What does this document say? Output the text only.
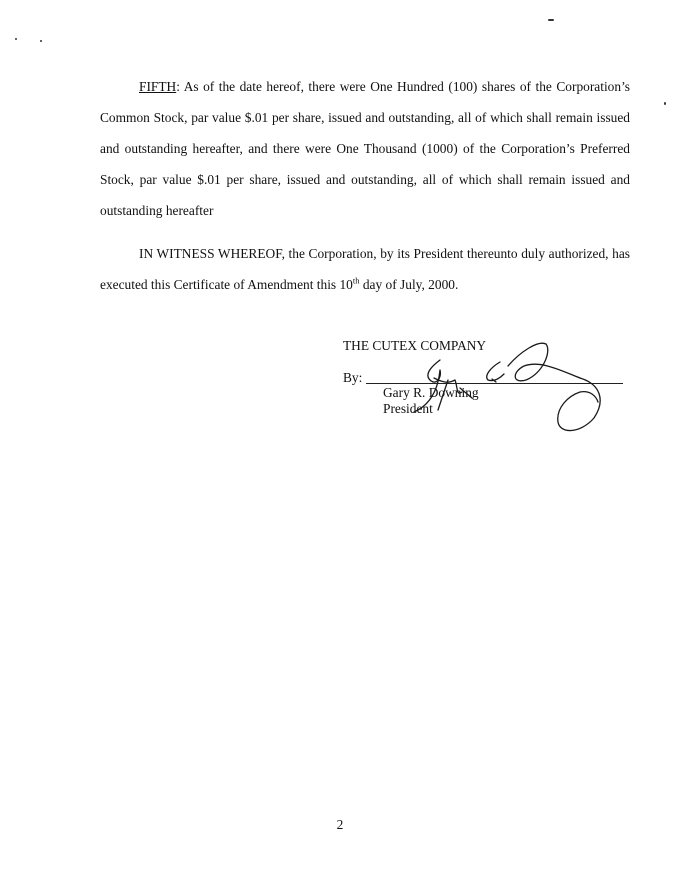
FIFTH: As of the date hereof, there were One Hundred (100) shares of the Corporation’s Common Stock, par value $.01 per share, issued and outstanding, all of which shall remain issued and outstanding hereafter, and there were One Thousand (1000) of the Corporation’s Preferred Stock, par value $.01 per share, issued and outstanding, all of which shall remain issued and outstanding hereafter

IN WITNESS WHEREOF, the Corporation, by its President thereunto duly authorized, has executed this Certificate of Amendment this 10th day of July, 2000.

THE CUTEX COMPANY
By:
Gary R. Downing
President
2
